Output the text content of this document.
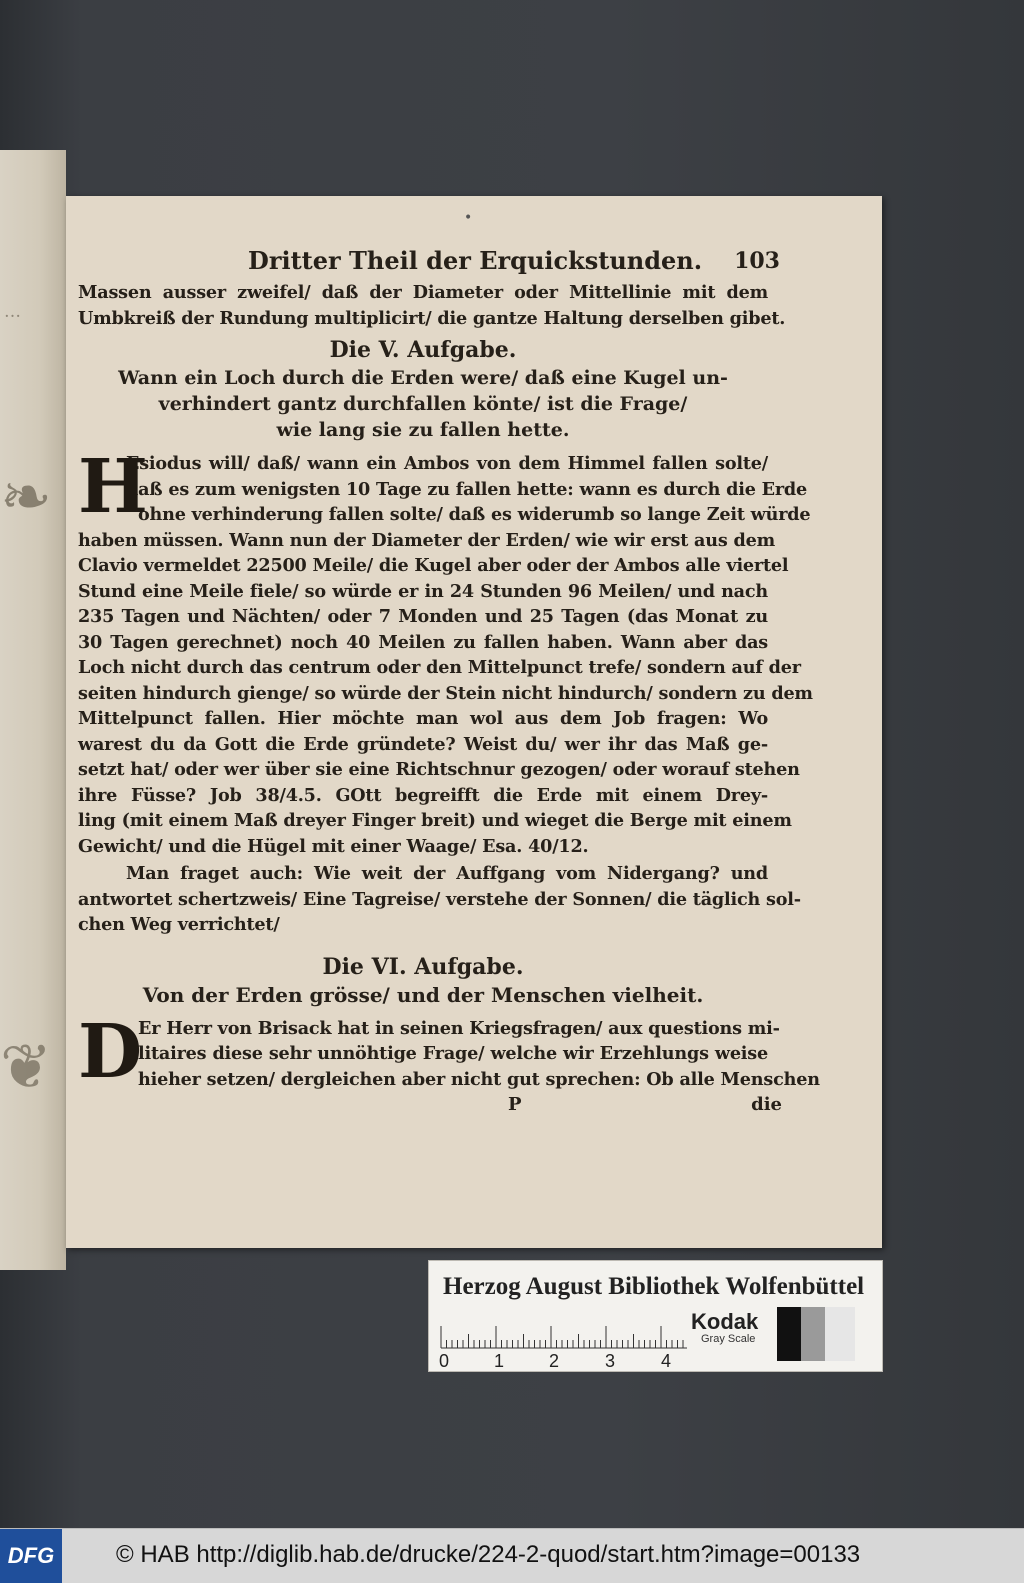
…
❧
❦
•
Dritter Theil der Erquickstunden. 103
Massen ausser zweifel/ daß der Diameter oder Mittellinie mit dem
Umbkreiß der Rundung multiplicirt/ die gantze Haltung derselben gibet.
Die V. Aufgabe.
Wann ein Loch durch die Erden were/ daß eine Kugel un-
verhindert gantz durchfallen könte/ ist die Frage/
wie lang sie zu fallen hette.
H
Esiodus will/ daß/ wann ein Ambos von dem Himmel fallen solte/
daß es zum wenigsten 10 Tage zu fallen hette: wann es durch die Erde
ohne verhinderung fallen solte/ daß es widerumb so lange Zeit würde
haben müssen. Wann nun der Diameter der Erden/ wie wir erst aus dem
Clavio vermeldet 22500 Meile/ die Kugel aber oder der Ambos alle viertel
Stund eine Meile fiele/ so würde er in 24 Stunden 96 Meilen/ und nach
235 Tagen und Nächten/ oder 7 Monden und 25 Tagen (das Monat zu
30 Tagen gerechnet) noch 40 Meilen zu fallen haben. Wann aber das
Loch nicht durch das centrum oder den Mittelpunct trefe/ sondern auf der
seiten hindurch gienge/ so würde der Stein nicht hindurch/ sondern zu dem
Mittelpunct fallen. Hier möchte man wol aus dem Job fragen: Wo
warest du da Gott die Erde gründete? Weist du/ wer ihr das Maß ge-
setzt hat/ oder wer über sie eine Richtschnur gezogen/ oder worauf stehen
ihre Füsse? Job 38/4.5. GOtt begreifft die Erde mit einem Drey-
ling (mit einem Maß dreyer Finger breit) und wieget die Berge mit einem
Gewicht/ und die Hügel mit einer Waage/ Esa. 40/12.
Man fraget auch: Wie weit der Auffgang vom Nidergang? und
antwortet schertzweis/ Eine Tagreise/ verstehe der Sonnen/ die täglich sol-
chen Weg verrichtet/
Die VI. Aufgabe.
Von der Erden grösse/ und der Menschen vielheit.
D
Er Herr von Brisack hat in seinen Kriegsfragen/ aux questions mi-
litaires diese sehr unnöhtige Frage/ welche wir Erzehlungs weise
hieher setzen/ dergleichen aber nicht gut sprechen: Ob alle Menschen
P	die
Herzog August Bibliothek Wolfenbüttel
0 1 2	3	4
Kodak
Gray Scale
DFG	© HAB http://diglib.hab.de/drucke/224-2-quod/start.htm?image=00133
